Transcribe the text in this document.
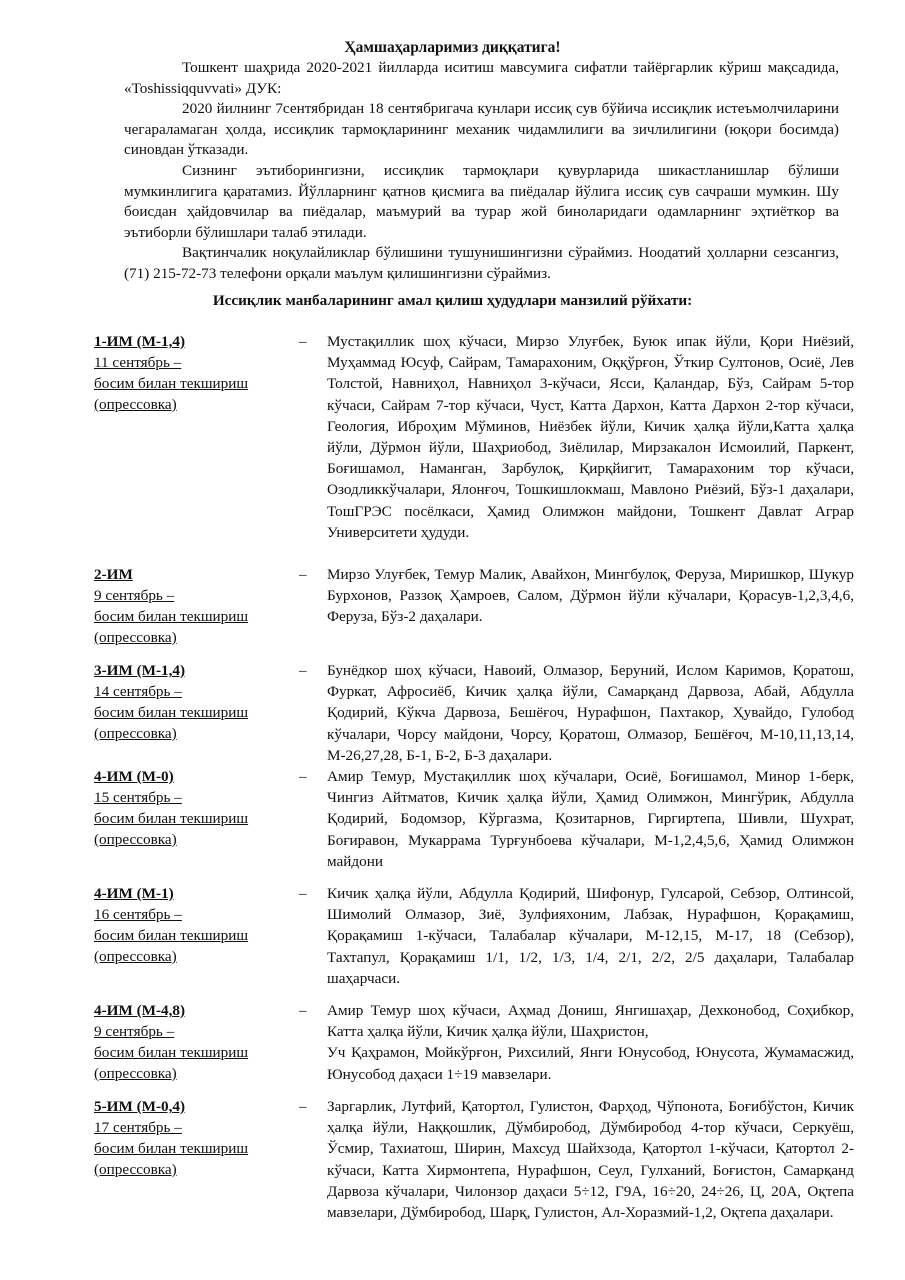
Ҳамшаҳарларимиз диққатига!

Тошкент шаҳрида 2020-2021 йилларда иситиш мавсумига сифатли тайёргарлик кўриш мақсадида, «Toshissiqquvvati» ДУК:

2020 йилнинг 7сентябридан 18 сентябригача кунлари иссиқ сув бўйича иссиқлик истеъмолчиларини чегараламаган ҳолда, иссиқлик тармоқларининг механик чидамлилиги ва зичлилигини (юқори босимда) синовдан ўтказади.

Сизнинг эътиборингизни, иссиқлик тармоқлари қувурларида шикастланишлар бўлиши мумкинлигига қаратамиз. Йўлларнинг қатнов қисмига ва пиёдалар йўлига иссиқ сув сачраши мумкин. Шу боисдан ҳайдовчилар ва пиёдалар, маъмурий ва турар жой биноларидаги одамларнинг эҳтиёткор ва эътиборли бўлишлари талаб этилади.

Вақтинчалик ноқулайликлар бўлишини тушунишингизни сўраймиз. Ноодатий ҳолларни сезсангиз, (71) 215-72-73 телефони орқали маълум қилишингизни сўраймиз.

Иссиқлик манбаларининг амал қилиш ҳудудлари манзилий рўйхати:
1-ИМ (М-1,4)
11 сентябрь –
босим билан текшириш
(опрессовка)
– Мустақиллик шоҳ кўчаси, Мирзо Улуғбек, Буюк ипак йўли, Қори Ниёзий, Муҳаммад Юсуф, Сайрам, Тамарахоним, Оққўрғон, Ўткир Султонов, Осиё, Лев Толстой, Навниҳол, Навниҳол 3-кўчаси, Ясси, Қаландар, Бўз, Сайрам 5-тор кўчаси, Сайрам 7-тор кўчаси, Чуст, Катта Дархон, Катта Дархон 2-тор кўчаси, Геология, Иброҳим Мўминов, Ниёзбек йўли, Кичик ҳалқа йўли,Катта ҳалқа йўли, Дўрмон йўли, Шаҳриобод, Зиёлилар, Мирзакалон Исмоилий, Паркент, Боғишамол, Наманган, Зарбулоқ, Қирқйигит, Тамарахоним тор кўчаси, Озодликкўчалари, Ялонғоч, Тошкишлокмаш, Мавлоно Риёзий, Бўз-1 даҳалари, ТошГРЭС посёлкаси, Ҳамид Олимжон майдони, Тошкент Давлат Аграр Университети ҳудуди.

2-ИМ
9 сентябрь –
босим билан текшириш
(опрессовка)
– Мирзо Улуғбек, Темур Малик, Авайхон, Мингбулоқ, Феруза, Миришкор, Шукур Бурхонов, Раззоқ Ҳамроев, Салом, Дўрмон йўли кўчалари, Қорасув-1,2,3,4,6, Феруза, Бўз-2 даҳалари.

3-ИМ (М-1,4)
14 сентябрь –
босим билан текшириш
(опрессовка)
– Бунёдкор шоҳ кўчаси, Навоий, Олмазор, Беруний, Ислом Каримов, Қоратош, Фуркат, Афросиёб, Кичик ҳалқа йўли, Самарқанд Дарвоза, Абай, Абдулла Қодирий, Кўкча Дарвоза, Бешёғоч, Нурафшон, Пахтакор, Ҳувайдо, Гулобод кўчалари, Чорсу майдони, Чорсу, Қоратош, Олмазор, Бешёғоч, М-10,11,13,14, М-26,27,28, Б-1, Б-2, Б-3 даҳалари.

4-ИМ (М-0)
15 сентябрь –
босим билан текшириш
(опрессовка)
– Амир Темур, Мустақиллик шоҳ кўчалари, Осиё, Боғишамол, Минор 1-берк, Чингиз Айтматов, Кичик ҳалқа йўли, Ҳамид Олимжон, Мингўрик, Абдулла Қодирий, Бодомзор, Кўргазма, Қозитарнов, Гиргиртепа, Шивли, Шухрат, Боғиравон, Мукаррама Турғунбоева кўчалари, М-1,2,4,5,6, Ҳамид Олимжон майдони

4-ИМ (М-1)
16 сентябрь –
босим билан текшириш
(опрессовка)
– Кичик ҳалқа йўли, Абдулла Қодирий, Шифонур, Гулсарой, Себзор, Олтинсой, Шимолий Олмазор, Зиё, Зулфияхоним, Лабзак, Нурафшон, Қорақамиш, Қорақамиш 1-кўчаси, Талабалар кўчалари, М-12,15, М-17, 18 (Себзор), Тахтапул, Қорақамиш 1/1, 1/2, 1/3, 1/4, 2/1, 2/2, 2/5 даҳалари, Талабалар шаҳарчаси.

4-ИМ (М-4,8)
9 сентябрь –
босим билан текшириш
(опрессовка)
– Амир Темур шоҳ кўчаси, Аҳмад Дониш, Янгишаҳар, Дехконобод, Соҳибкор, Катта ҳалқа йўли, Кичик ҳалқа йўли, Шаҳристон,
Уч Қаҳрамон, Мойкўрғон, Рихсилий, Янги Юнусобод, Юнусота, Жумамасжид, Юнусобод даҳаси 1÷19 мавзелари.
5-ИМ (М-0,4)
17 сентябрь –
босим билан текшириш
(опрессовка)
– Заргарлик, Лутфий, Қатортол, Гулистон, Фарҳод, Чўпонота, Боғибўстон, Кичик ҳалқа йўли, Наққошлик, Дўмбиробод, Дўмбиробод 4-тор кўчаси, Серкуёш, Ўсмир, Тахиатош, Ширин, Махсуд Шайхзода, Қатортол 1-кўчаси, Қатортол 2-кўчаси, Катта Хирмонтепа, Нурафшон, Сеул, Гулханий, Боғистон, Самарқанд Дарвоза кўчалари, Чилонзор даҳаси 5÷12, Г9А, 16÷20, 24÷26, Ц, 20А, Оқтепа мавзелари, Дўмбиробод, Шарқ, Гулистон, Ал-Хоразмий-1,2, Оқтепа даҳалари.
